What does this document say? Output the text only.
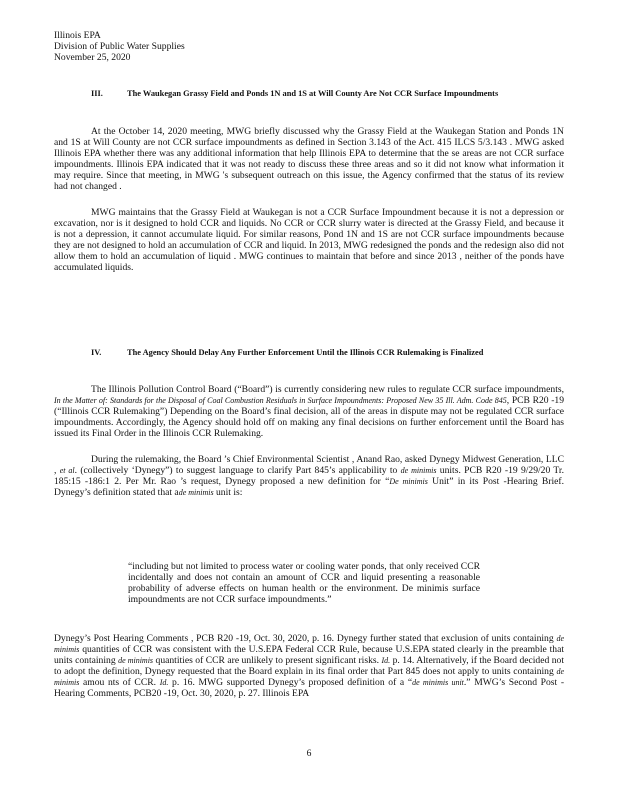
Illinois EPA
Division of Public Water Supplies
November 25, 2020
III.	The Waukegan Grassy Field and Ponds 1N and 1S at Will County Are Not CCR Surface Impoundments

At the October 14, 2020 meeting, MWG briefly discussed why the Grassy Field at the Waukegan Station and Ponds 1N and 1S at Will County are not CCR surface impoundments as defined in Section 3.143 of the Act. 415 ILCS 5/3.143 . MWG asked Illinois EPA whether there was any additional information that help Illinois EPA to determine that the se areas are not CCR surface impoundments. Illinois EPA indicated that it was not ready to discuss these three areas and so it did not know what information it may require. Since that meeting, in MWG 's subsequent outreach on this issue, the Agency confirmed that the status of its review had not changed .

MWG maintains that the Grassy Field at Waukegan is not a CCR Surface Impoundment because it is not a depression or excavation, nor is it designed to hold CCR and liquids. No CCR or CCR slurry water is directed at the Grassy Field, and because it is not a depression, it cannot accumulate liquid. For similar reasons, Pond 1N and 1S are not CCR surface impoundments because they are not designed to hold an accumulation of CCR and liquid. In 2013, MWG redesigned the ponds and the redesign also did not allow them to hold an accumulation of liquid . MWG continues to maintain that before and since 2013 , neither of the ponds have accumulated liquids.

IV.	The Agency Should Delay Any Further Enforcement Until the Illinois CCR Rulemaking is Finalized

The Illinois Pollution Control Board (“Board”) is currently considering new rules to regulate CCR surface impoundments, In the Matter of: Standards for the Disposal of Coal Combustion Residuals in Surface Impoundments: Proposed New 35 Ill. Adm. Code 845, PCB R20 -19 (“Illinois CCR Rulemaking”) Depending on the Board’s final decision, all of the areas in dispute may not be regulated CCR surface impoundments. Accordingly, the Agency should hold off on making any final decisions on further enforcement until the Board has issued its Final Order in the Illinois CCR Rulemaking.

During the rulemaking, the Board ’s Chief Environmental Scientist , Anand Rao, asked Dynegy Midwest Generation, LLC , et al. (collectively ‘Dynegy”) to suggest language to clarify Part 845’s applicability to de minimis units. PCB R20 -19 9/29/20 Tr. 185:15 -186:1 2. Per Mr. Rao ’s request, Dynegy proposed a new definition for “De minimis Unit” in its Post -Hearing Brief. Dynegy’s definition stated that ade minimis unit is:

“including but not limited to process water or cooling water ponds, that only received CCR incidentally and does not contain an amount of CCR and liquid presenting a reasonable probability of adverse effects on human health or the environment. De minimis surface impoundments are not CCR surface impoundments.”

Dynegy’s Post Hearing Comments , PCB R20 -19, Oct. 30, 2020, p. 16. Dynegy further stated that exclusion of units containing de minimis quantities of CCR was consistent with the U.S.EPA Federal CCR Rule, because U.S.EPA stated clearly in the preamble that units containing de minimis quantities of CCR are unlikely to present significant risks. Id. p. 14. Alternatively, if the Board decided not to adopt the definition, Dynegy requested that the Board explain in its final order that Part 845 does not apply to units containing de minimis amou nts of CCR. Id. p. 16. MWG supported Dynegy’s proposed definition of a “de minimis unit.” MWG’s Second Post -Hearing Comments, PCB20 -19, Oct. 30, 2020, p. 27. Illinois EPA

6
